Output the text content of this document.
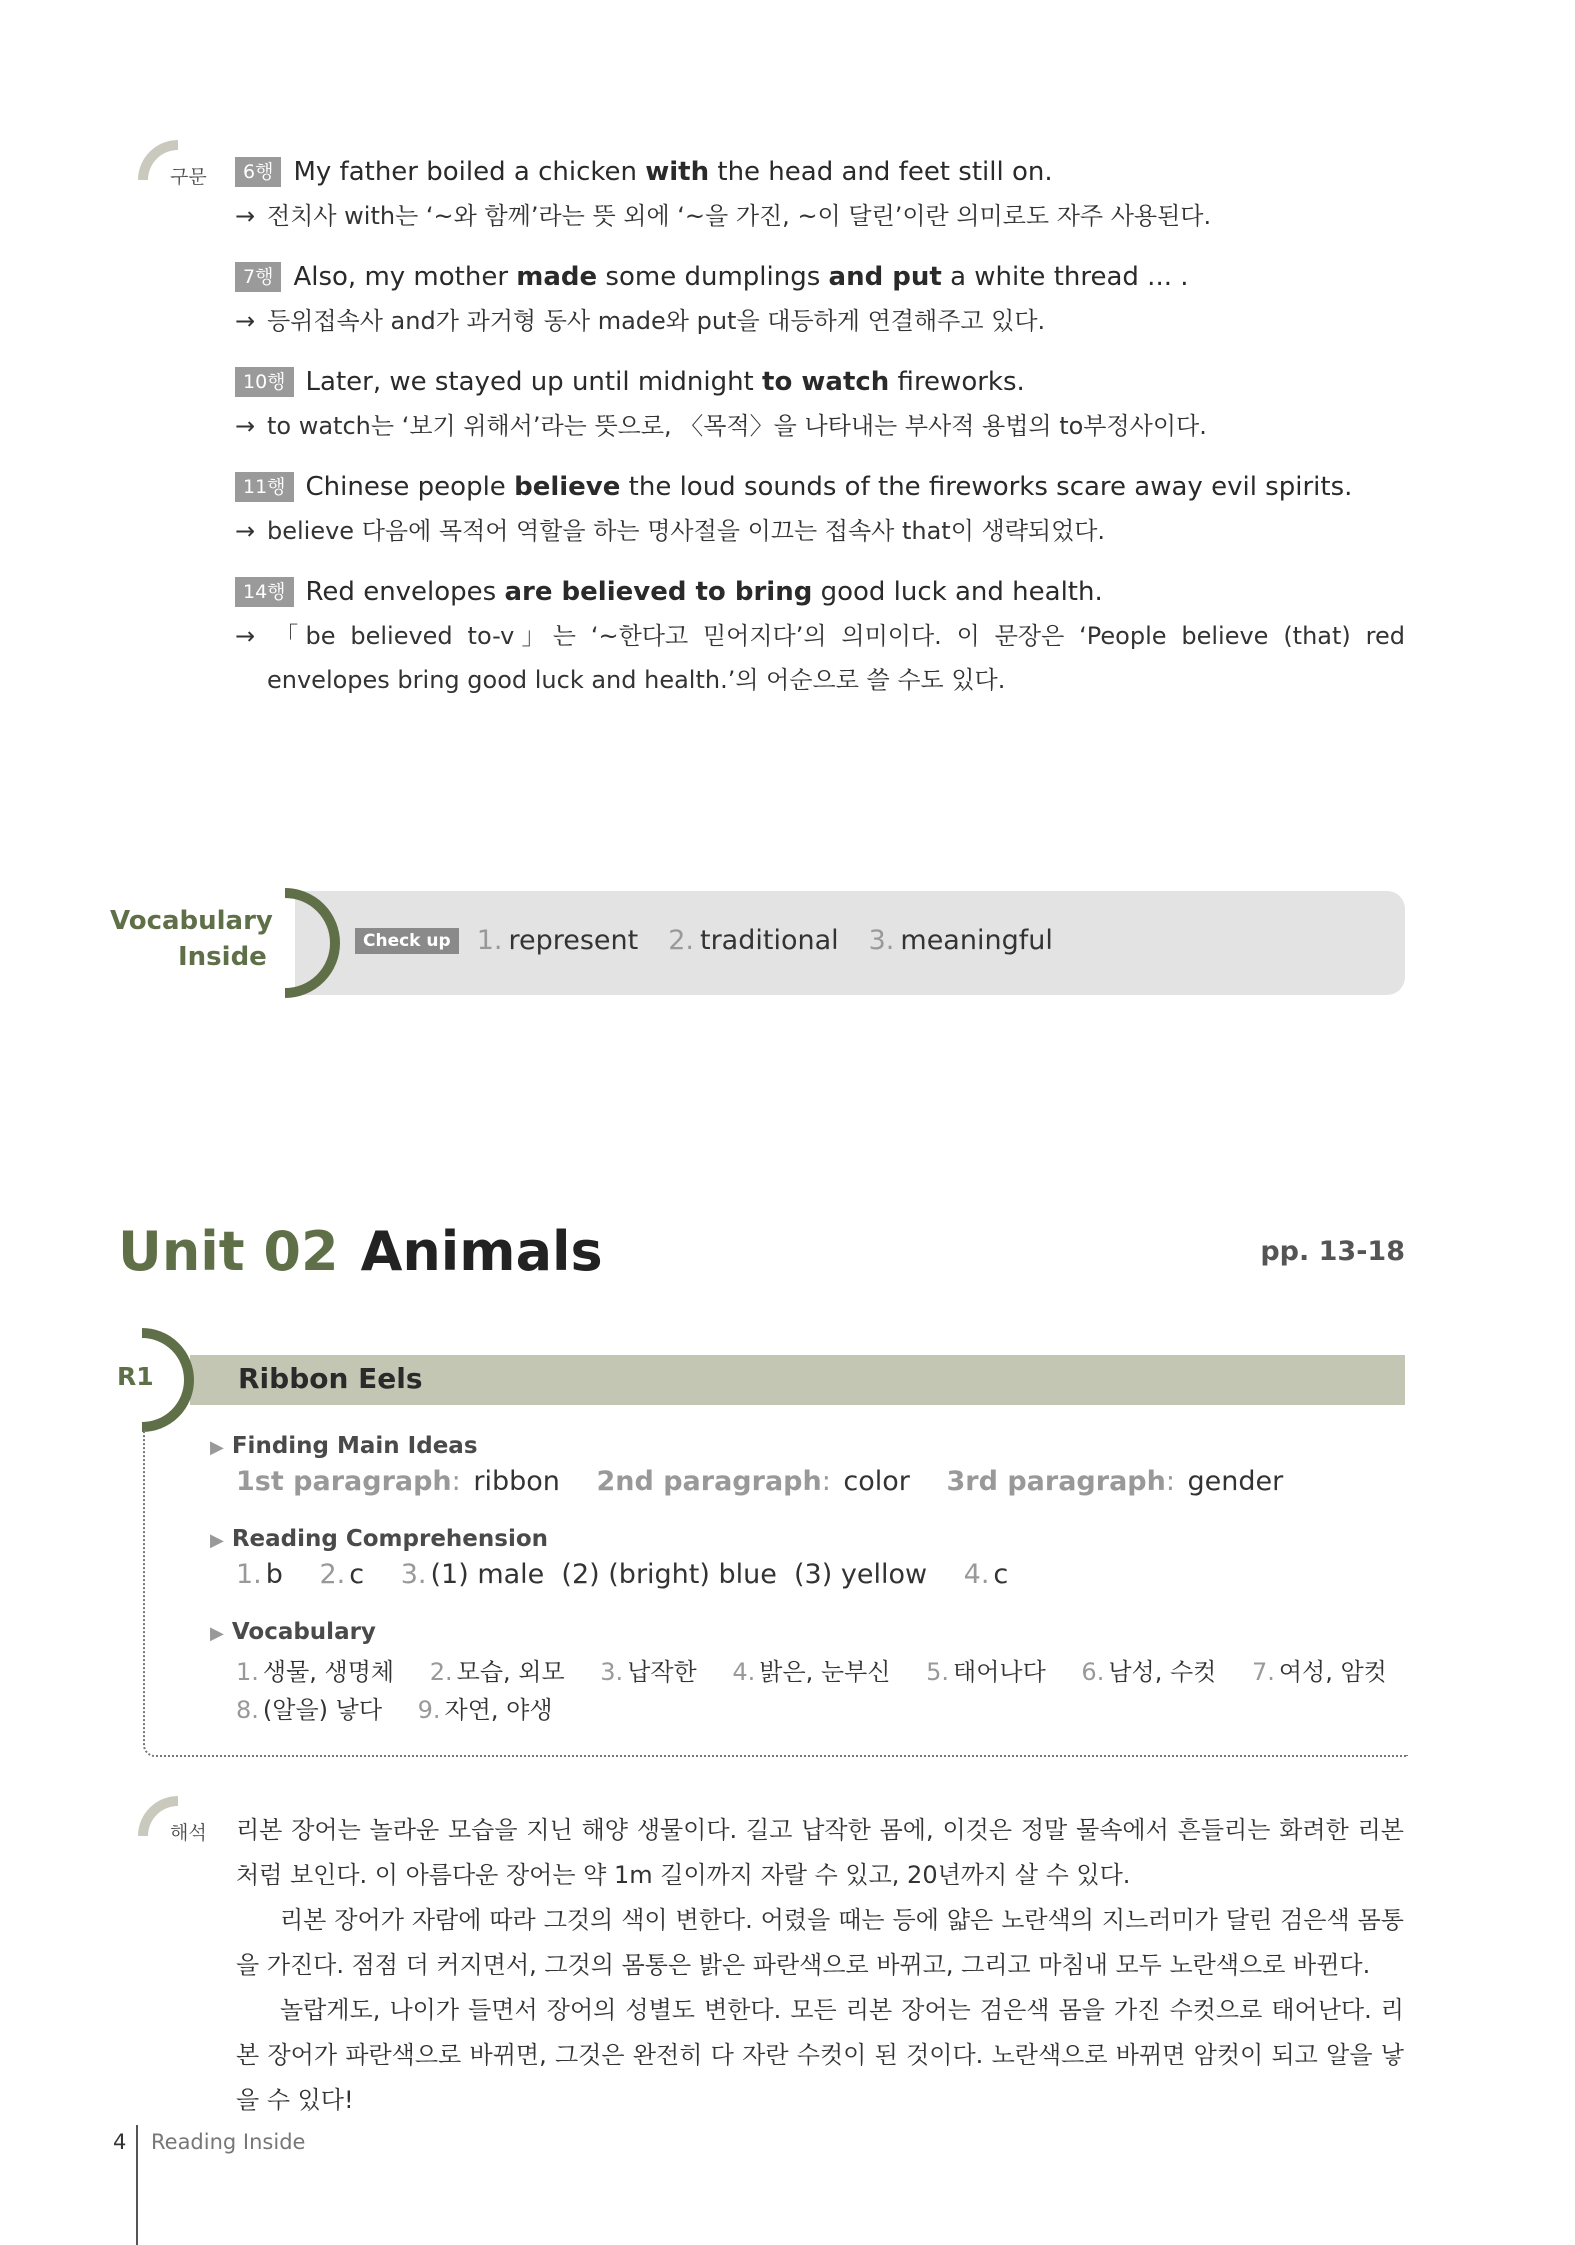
구문	6행 My father boiled a chicken with the head and feet still on.
→ 전치사 with는 ‘~와 함께’라는 뜻 외에 ‘~을 가진, ~이 달린’이란 의미로도 자주 사용된다.
7행 Also, my mother made some dumplings and put a white thread ... .
→ 등위접속사 and가 과거형 동사 made와 put을 대등하게 연결해주고 있다.
10행 Later, we stayed up until midnight to watch fireworks.
→ to watch는 ‘보기 위해서’라는 뜻으로, 〈목적〉을 나타내는 부사적 용법의 to부정사이다.
11행 Chinese people believe the loud sounds of the fireworks scare away evil spirits.
→ believe 다음에 목적어 역할을 하는 명사절을 이끄는 접속사 that이 생략되었다.
14행 Red envelopes are believed to bring good luck and health.
→ 「be believed to-v」는 ‘~한다고 믿어지다’의 의미이다. 이 문장은 ‘People believe (that) red envelopes bring good luck and health.’의 어순으로 쓸 수도 있다.
Vocabulary
Inside
Check up 1. represent 2. traditional 3. meaningful
Unit 02 Animals	pp. 13-18
R1	Ribbon Eels
▶ Finding Main Ideas
1st paragraph: ribbon 2nd paragraph: color 3rd paragraph: gender
▶ Reading Comprehension
1. b 2. c 3. (1) male  (2) (bright) blue  (3) yellow 4. c
▶ Vocabulary
1. 생물, 생명체 2. 모습, 외모 3. 납작한 4. 밝은, 눈부신 5. 태어나다 6. 남성, 수컷 7. 여성, 암컷
8. (알을) 낳다 9. 자연, 야생
해석 리본 장어는 놀라운 모습을 지닌 해양 생물이다. 길고 납작한 몸에, 이것은 정말 물속에서 흔들리는 화려한 리본처럼 보인다. 이 아름다운 장어는 약 1m 길이까지 자랄 수 있고, 20년까지 살 수 있다.

리본 장어가 자람에 따라 그것의 색이 변한다. 어렸을 때는 등에 얇은 노란색의 지느러미가 달린 검은색 몸통을 가진다. 점점 더 커지면서, 그것의 몸통은 밝은 파란색으로 바뀌고, 그리고 마침내 모두 노란색으로 바뀐다.

놀랍게도, 나이가 들면서 장어의 성별도 변한다. 모든 리본 장어는 검은색 몸을 가진 수컷으로 태어난다. 리본 장어가 파란색으로 바뀌면, 그것은 완전히 다 자란 수컷이 된 것이다. 노란색으로 바뀌면 암컷이 되고 알을 낳을 수 있다!

4 Reading Inside
